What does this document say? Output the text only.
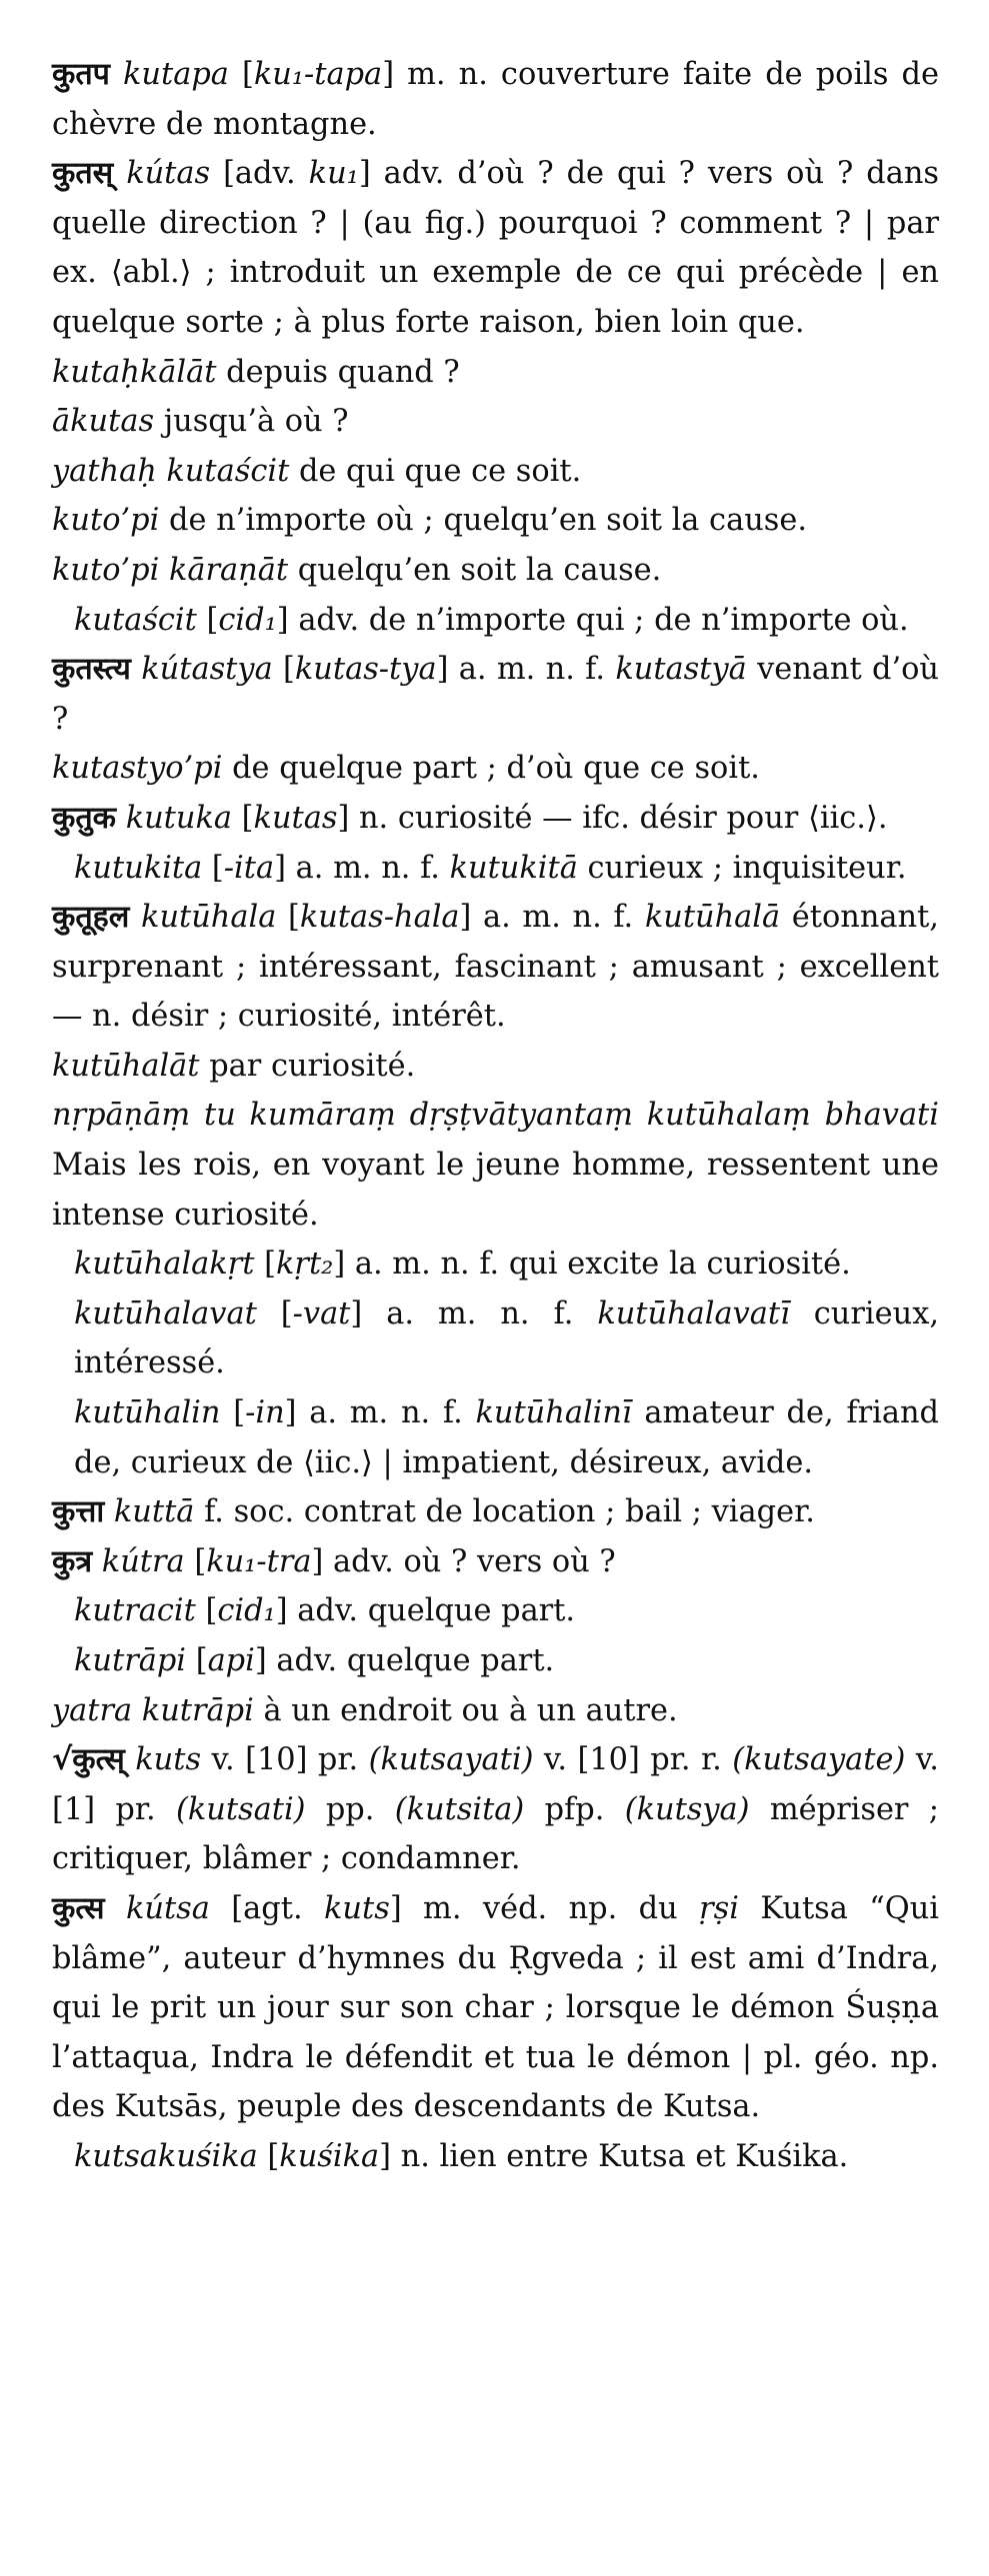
कुतप kutapa [ku₁-tapa] m. n. couverture faite de poils de chèvre de montagne.

कुतस् kútas [adv. ku₁] adv. d’où ? de qui ? vers où ? dans quelle direction ? | (au fig.) pourquoi ? comment ? | par ex. ⟨abl.⟩ ; introduit un exemple de ce qui précède | en quelque sorte ; à plus forte raison, bien loin que.

kutaḥkālāt depuis quand ?

ākutas jusqu’à où ?

yathaḥ kutaścit de qui que ce soit.

kuto’pi de n’importe où ; quelqu’en soit la cause.

kuto’pi kāraṇāt quelqu’en soit la cause.

kutaścit [cid₁] adv. de n’importe qui ; de n’importe où.

कुतस्त्य kútastya [kutas-tya] a. m. n. f. kutastyā venant d’où ?

kutastyo’pi de quelque part ; d’où que ce soit.

कुतुक kutuka [kutas] n. curiosité — ifc. désir pour ⟨iic.⟩.

kutukita [-ita] a. m. n. f. kutukitā curieux ; inquisiteur.

कुतूहल kutūhala [kutas-hala] a. m. n. f. kutūhalā étonnant, surprenant ; intéressant, fascinant ; amusant ; excellent — n. désir ; curiosité, intérêt.

kutūhalāt par curiosité.

nṛpāṇāṃ tu kumāraṃ dṛṣṭvātyantaṃ kutūhalaṃ bhavati Mais les rois, en voyant le jeune homme, ressentent une intense curiosité.

kutūhalakṛt [kṛt₂] a. m. n. f. qui excite la curiosité.

kutūhalavat [-vat] a. m. n. f. kutūhalavatī curieux, intéressé.

kutūhalin [-in] a. m. n. f. kutūhalinī amateur de, friand de, curieux de ⟨iic.⟩ | impatient, désireux, avide.

कुत्ता kuttā f. soc. contrat de location ; bail ; viager.

कुत्र kútra [ku₁-tra] adv. où ? vers où ?

kutracit [cid₁] adv. quelque part.

kutrāpi [api] adv. quelque part.

yatra kutrāpi à un endroit ou à un autre.

√कुत्स् kuts v. [10] pr. (kutsayati) v. [10] pr. r. (kutsayate) v. [1] pr. (kutsati) pp. (kutsita) pfp. (kutsya) mépriser ; critiquer, blâmer ; condamner.

कुत्स kútsa [agt. kuts] m. véd. np. du ṛṣi Kutsa “Qui blâme”, auteur d’hymnes du Ṛgveda ; il est ami d’Indra, qui le prit un jour sur son char ; lorsque le démon Śuṣṇa l’attaqua, Indra le défendit et tua le démon | pl. géo. np. des Kutsās, peuple des descendants de Kutsa.

kutsakuśika [kuśika] n. lien entre Kutsa et Kuśika.
